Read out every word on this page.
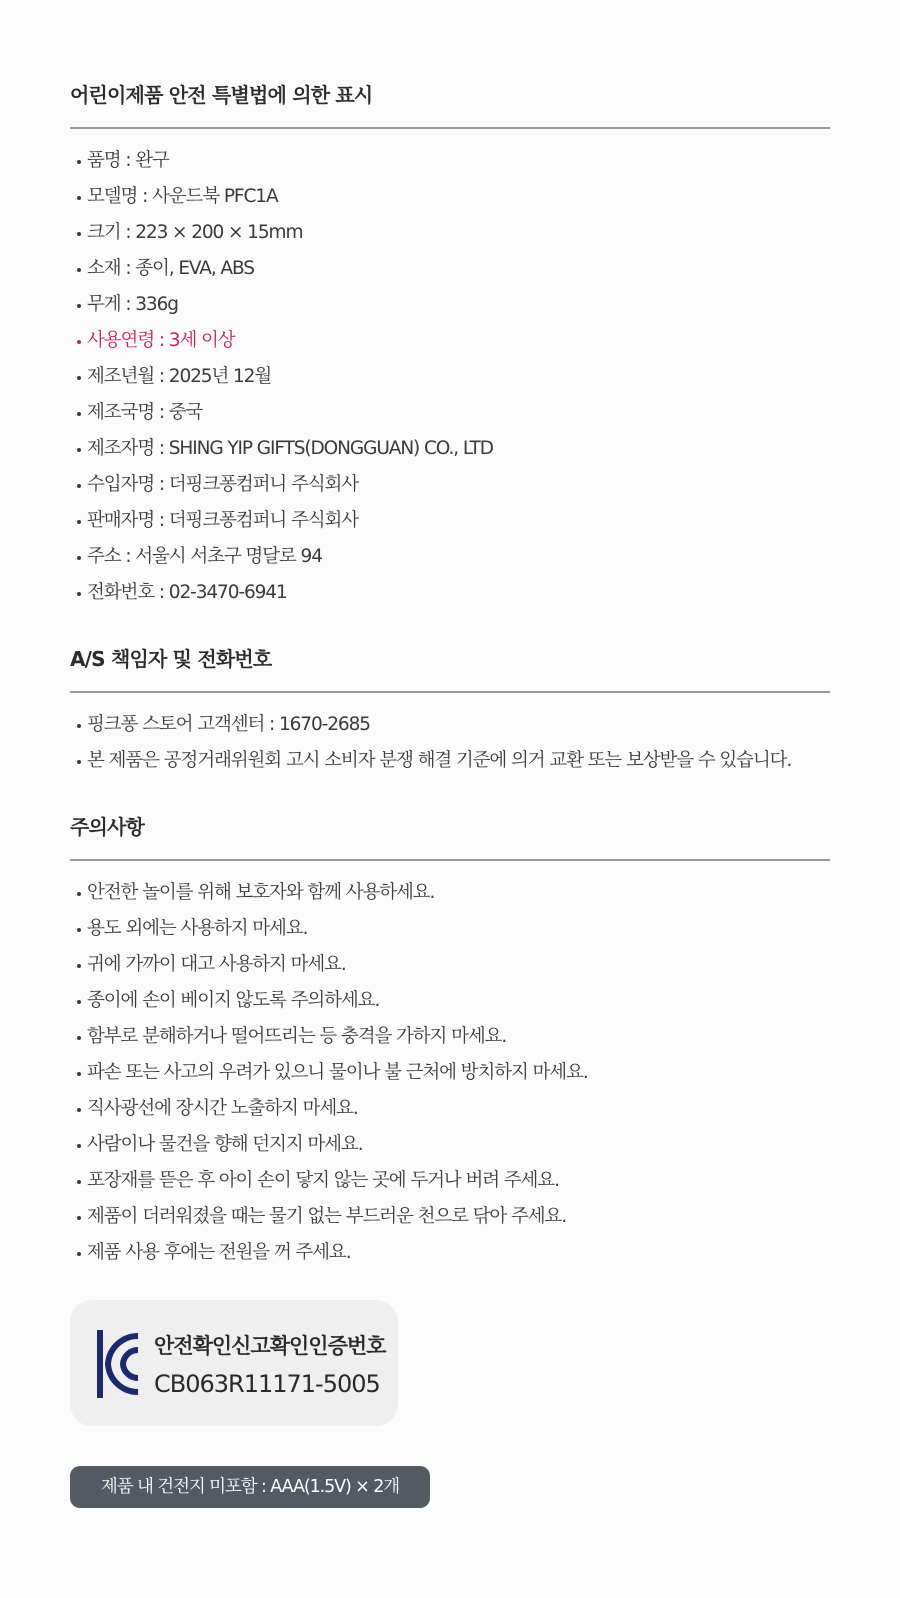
어린이제품 안전 특별법에 의한 표시
품명 : 완구
모델명 : 사운드북 PFC1A
크기 : 223 × 200 × 15mm
소재 : 종이, EVA, ABS
무게 : 336g
사용연령 : 3세 이상
제조년월 : 2025년 12월
제조국명 : 중국
제조자명 : SHING YIP GIFTS(DONGGUAN) CO., LTD
수입자명 : 더핑크퐁컴퍼니 주식회사
판매자명 : 더핑크퐁컴퍼니 주식회사
주소 : 서울시 서초구 명달로 94
전화번호 : 02-3470-6941
A/S 책임자 및 전화번호
핑크퐁 스토어 고객센터 : 1670-2685
본 제품은 공정거래위원회 고시 소비자 분쟁 해결 기준에 의거 교환 또는 보상받을 수 있습니다.
주의사항
안전한 놀이를 위해 보호자와 함께 사용하세요.
용도 외에는 사용하지 마세요.
귀에 가까이 대고 사용하지 마세요.
종이에 손이 베이지 않도록 주의하세요.
함부로 분해하거나 떨어뜨리는 등 충격을 가하지 마세요.
파손 또는 사고의 우려가 있으니 물이나 불 근처에 방치하지 마세요.
직사광선에 장시간 노출하지 마세요.
사람이나 물건을 향해 던지지 마세요.
포장재를 뜯은 후 아이 손이 닿지 않는 곳에 두거나 버려 주세요.
제품이 더러워졌을 때는 물기 없는 부드러운 천으로 닦아 주세요.
제품 사용 후에는 전원을 꺼 주세요.
안전확인신고확인인증번호
CB063R11171-5005
제품 내 건전지 미포함 : AAA(1.5V) × 2개
